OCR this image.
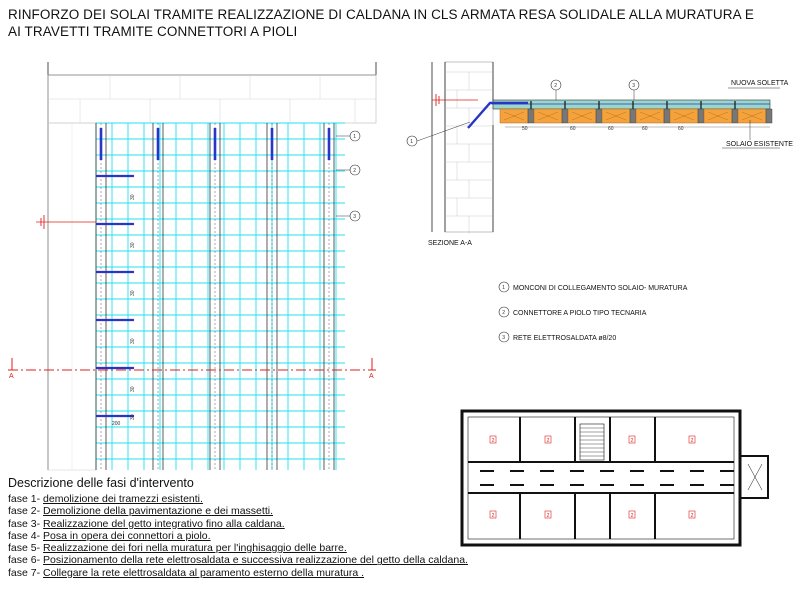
RINFORZO DEI SOLAI TRAMITE REALIZZAZIONE DI CALDANA IN CLS ARMATA RESA SOLIDALE ALLA MURATURA E
AI TRAVETTI TRAMITE CONNETTORI A PIOLI
30
30
30
30
30
30
200
A	A
1
2
3
50	60	60	60	60
2	3
1
NUOVA SOLETTA
SOLAIO ESISTENTE
SEZIONE A-A
1 MONCONI DI COLLEGAMENTO SOLAIO- MURATURA
2 CONNETTORE A PIOLO TIPO TECNARIA
3 RETE ELETTROSALDATA ø8/20
2	2	2	2
2	2	2	2
Descrizione delle fasi d'intervento
fase 1- demolizione dei tramezzi esistenti.
fase 2- Demolizione della pavimentazione e dei massetti.
fase 3- Realizzazione del getto integrativo fino alla caldana.
fase 4- Posa in opera dei connettori a piolo.
fase 5- Realizzazione dei fori nella muratura per l'inghisaggio delle barre.
fase 6- Posizionamento della rete elettrosaldata e successiva realizzazione del getto della caldana.
fase 7- Collegare la rete elettrosaldata al paramento esterno della muratura .
